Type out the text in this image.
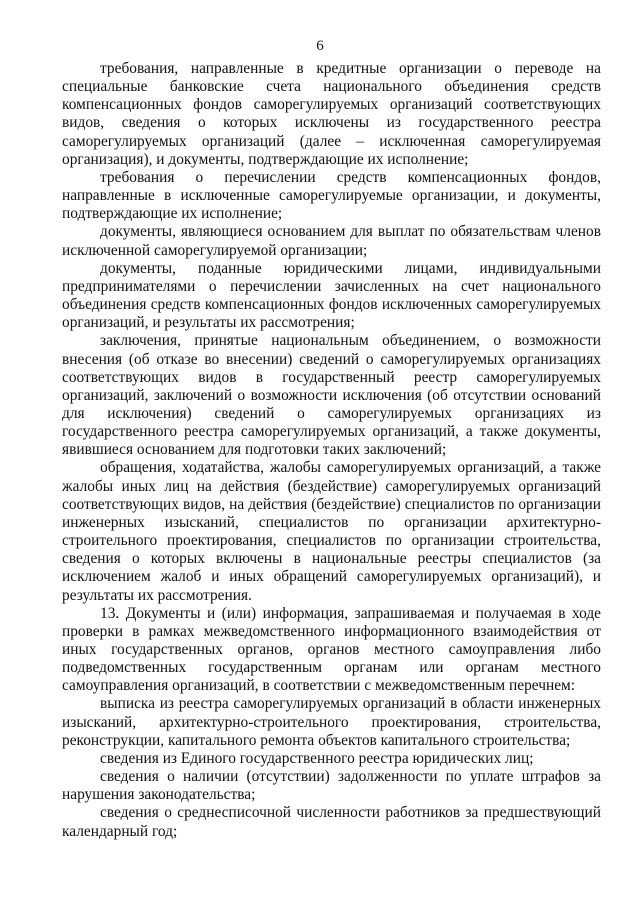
6

требования, направленные в кредитные организации о переводе на специальные банковские счета национального объединения средств компенсационных фондов саморегулируемых организаций соответствующих видов, сведения о которых исключены из государственного реестра саморегулируемых организаций (далее – исключенная саморегулируемая организация), и документы, подтверждающие их исполнение;

требования о перечислении средств компенсационных фондов, направленные в исключенные саморегулируемые организации, и документы, подтверждающие их исполнение;

документы, являющиеся основанием для выплат по обязательствам членов исключенной саморегулируемой организации;

документы, поданные юридическими лицами, индивидуальными предпринимателями о перечислении зачисленных на счет национального объединения средств компенсационных фондов исключенных саморегулируемых организаций, и результаты их рассмотрения;

заключения, принятые национальным объединением, о возможности внесения (об отказе во внесении) сведений о саморегулируемых организациях соответствующих видов в государственный реестр саморегулируемых организаций, заключений о возможности исключения (об отсутствии оснований для исключения) сведений о саморегулируемых организациях из государственного реестра саморегулируемых организаций, а также документы, явившиеся основанием для подготовки таких заключений;

обращения, ходатайства, жалобы саморегулируемых организаций, а также жалобы иных лиц на действия (бездействие) саморегулируемых организаций соответствующих видов, на действия (бездействие) специалистов по организации инженерных изысканий, специалистов по организации архитектурно-строительного проектирования, специалистов по организации строительства, сведения о которых включены в национальные реестры специалистов (за исключением жалоб и иных обращений саморегулируемых организаций), и результаты их рассмотрения.

13. Документы и (или) информация, запрашиваемая и получаемая в ходе проверки в рамках межведомственного информационного взаимодействия от иных государственных органов, органов местного самоуправления либо подведомственных государственным органам или органам местного самоуправления организаций, в соответствии с межведомственным перечнем:

выписка из реестра саморегулируемых организаций в области инженерных изысканий, архитектурно-строительного проектирования, строительства, реконструкции, капитального ремонта объектов капитального строительства;

сведения из Единого государственного реестра юридических лиц;

сведения о наличии (отсутствии) задолженности по уплате штрафов за нарушения законодательства;

сведения о среднесписочной численности работников за предшествующий календарный год;
